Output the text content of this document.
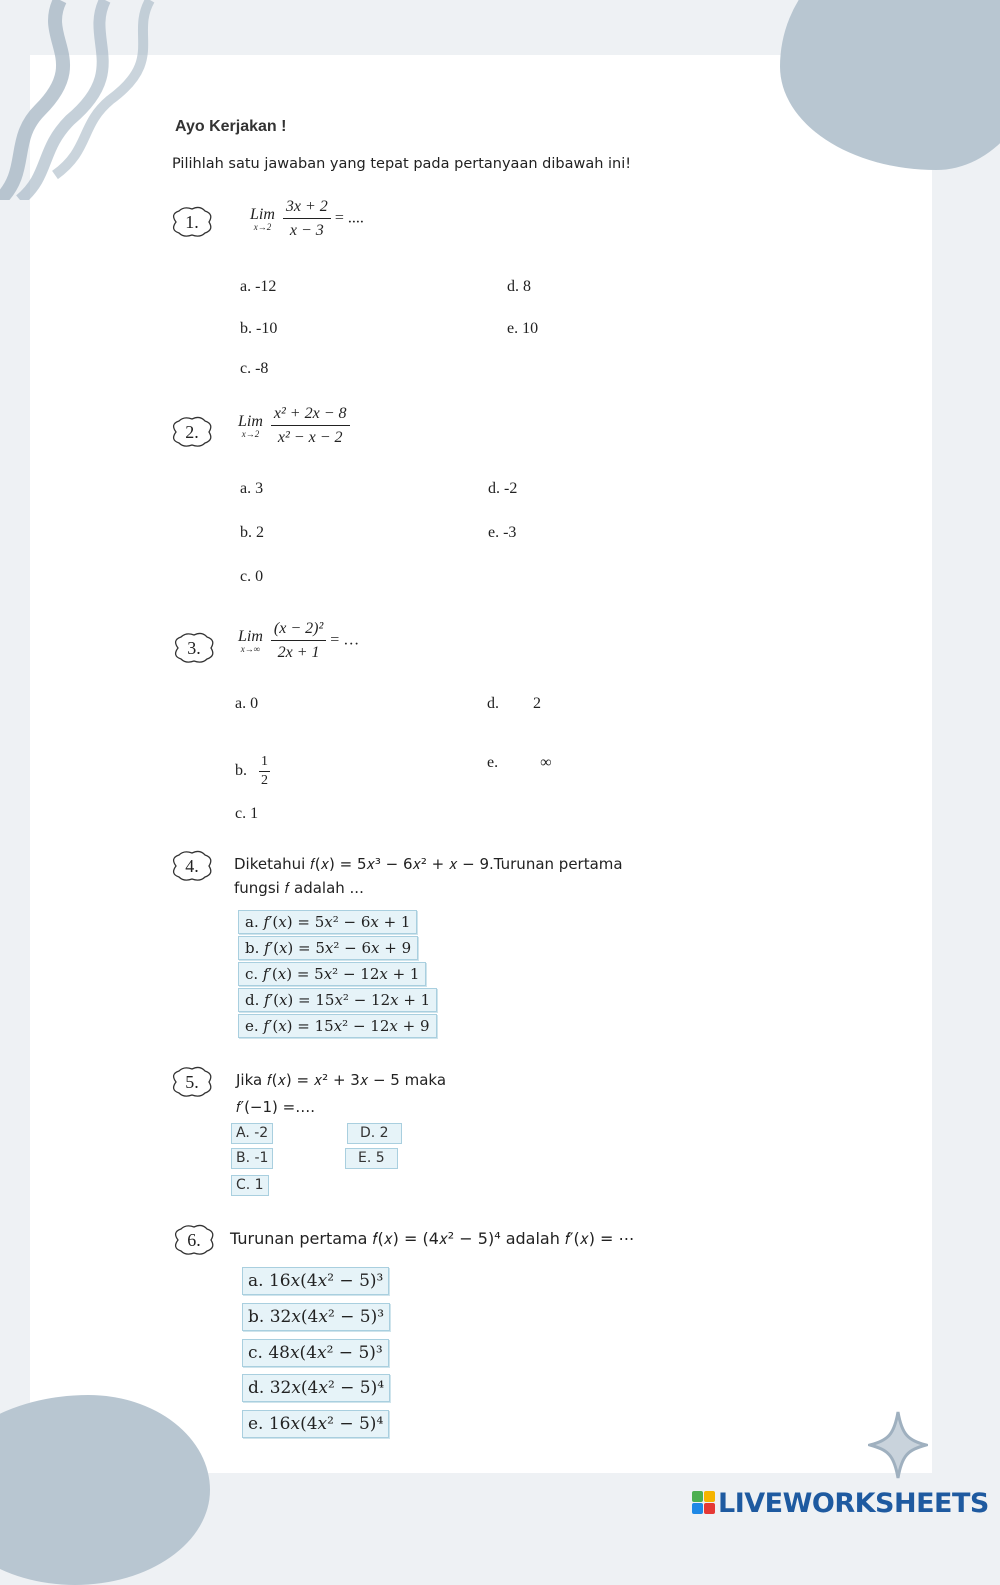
Ayo Kerjakan !
Pilihlah satu jawaban yang tepat pada pertanyaan dibawah ini!
1.	Lim
x→2
$\frac{3x + 2}{x - 3}$ = ....
a. -12
b. -10
c. -8
d. 8
e. 10
2.
Lim
x→2
$\frac{\text{x² + 2x − 8}}{\text{x² − x − 2}}$
a. 3
b. 2
c. 0
d. -2
e. -3
3.
Lim
x→∞
$\frac{\text{(x − 2)²}}{2x + 1}$ = …
a. 0
b. $\frac{1}{2}$
c. 1
d. 2
e.	∞
4.	Diketahui 𝑓(𝑥) = 5𝑥³ − 6𝑥² + 𝑥 − 9.Turunan pertama
fungsi 𝑓 adalah ...
a. 𝑓′(𝑥) = 5𝑥² − 6𝑥 + 1
b. 𝑓′(𝑥) = 5𝑥² − 6𝑥 + 9
c. 𝑓′(𝑥) = 5𝑥² − 12𝑥 + 1
d. 𝑓′(𝑥) = 15𝑥² − 12𝑥 + 1
e. 𝑓′(𝑥) = 15𝑥² − 12𝑥 + 9
5.	Jika 𝑓(𝑥) = 𝑥² + 3𝑥 − 5 maka
𝑓′(−1) =….
A. -2
B. -1
C. 1
D. 2
E. 5
6.	Turunan pertama 𝑓(𝑥) = (4𝑥² − 5)⁴ adalah 𝑓′(𝑥) = ⋯
a. 16𝑥(4𝑥² − 5)³
b. 32𝑥(4𝑥² − 5)³
c. 48𝑥(4𝑥² − 5)³
d. 32𝑥(4𝑥² − 5)⁴
e. 16𝑥(4𝑥² − 5)⁴
LIVEWORKSHEETS
